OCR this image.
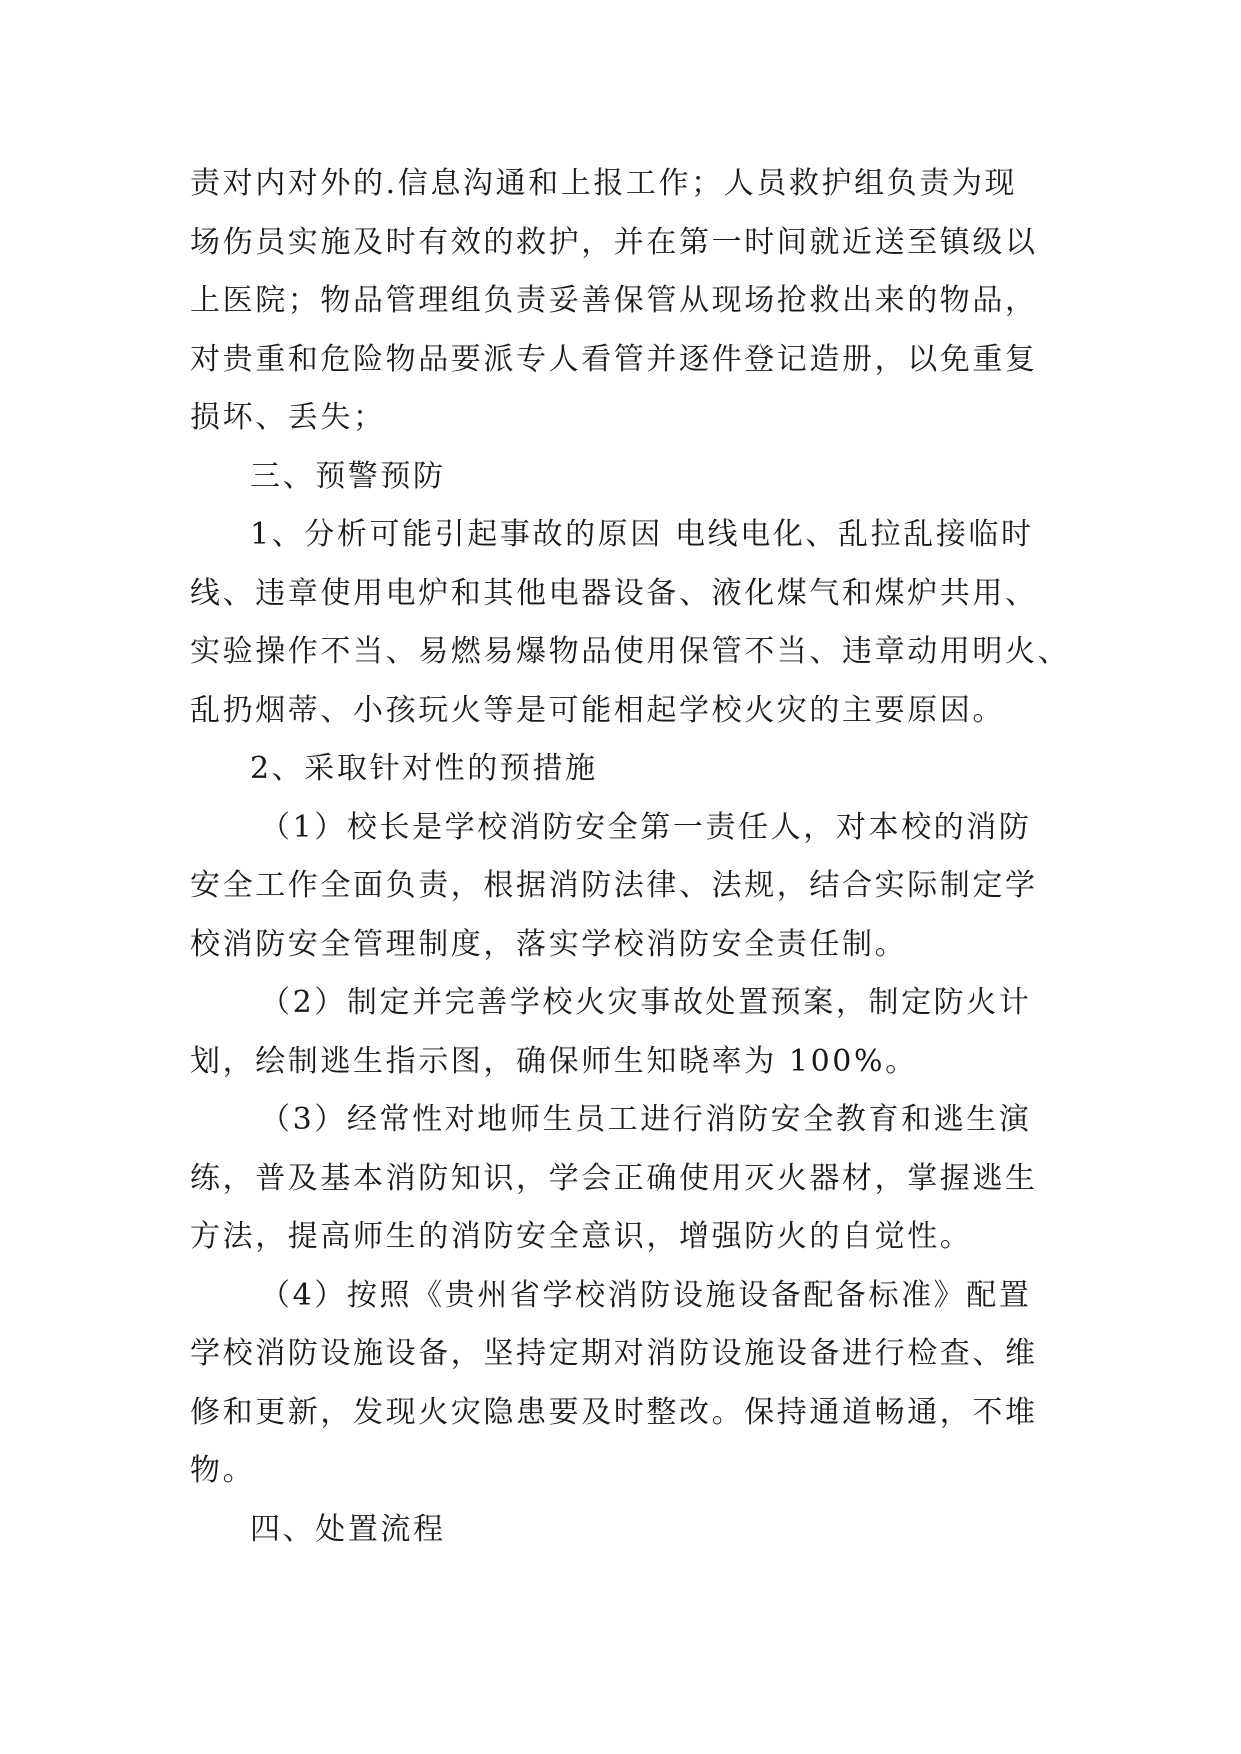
责对内对外的.信息沟通和上报工作；人员救护组负责为现
场伤员实施及时有效的救护，并在第一时间就近送至镇级以
上医院；物品管理组负责妥善保管从现场抢救出来的物品，
对贵重和危险物品要派专人看管并逐件登记造册，以免重复
损坏、丢失；
三、预警预防
1、分析可能引起事故的原因 电线电化、乱拉乱接临时
线、违章使用电炉和其他电器设备、液化煤气和煤炉共用、
实验操作不当、易燃易爆物品使用保管不当、违章动用明火、
乱扔烟蒂、小孩玩火等是可能相起学校火灾的主要原因。
2、采取针对性的预措施
（1）校长是学校消防安全第一责任人，对本校的消防
安全工作全面负责，根据消防法律、法规，结合实际制定学
校消防安全管理制度，落实学校消防安全责任制。
（2）制定并完善学校火灾事故处置预案，制定防火计
划，绘制逃生指示图，确保师生知晓率为 100%。
（3）经常性对地师生员工进行消防安全教育和逃生演
练，普及基本消防知识，学会正确使用灭火器材，掌握逃生
方法，提高师生的消防安全意识，增强防火的自觉性。
（4）按照《贵州省学校消防设施设备配备标准》配置
学校消防设施设备，坚持定期对消防设施设备进行检查、维
修和更新，发现火灾隐患要及时整改。保持通道畅通，不堆
物。
四、处置流程
